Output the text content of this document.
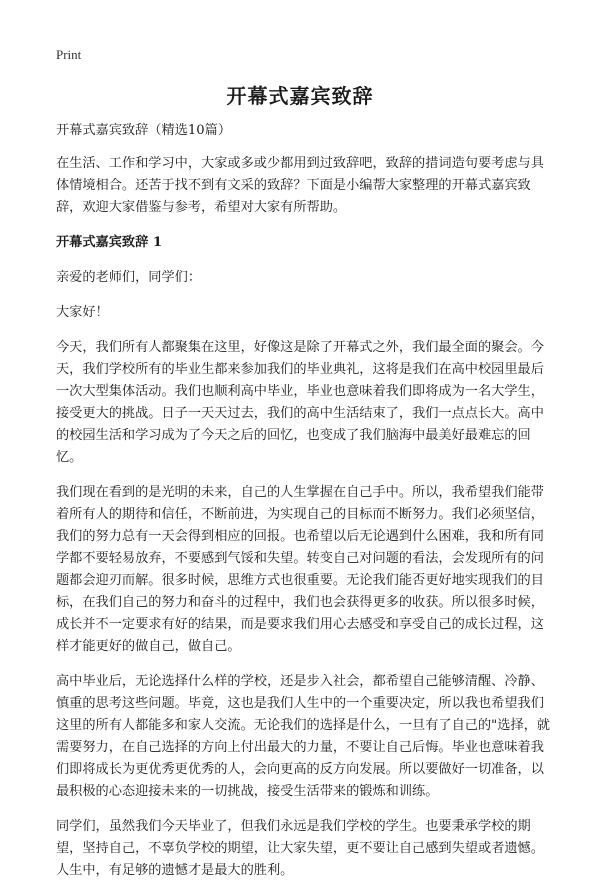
Print
开幕式嘉宾致辞

开幕式嘉宾致辞（精选10篇）

在生活、工作和学习中，大家或多或少都用到过致辞吧，致辞的措词造句要考虑与具体情境相合。还苦于找不到有文采的致辞？下面是小编帮大家整理的开幕式嘉宾致辞，欢迎大家借鉴与参考，希望对大家有所帮助。

开幕式嘉宾致辞 1

亲爱的老师们，同学们：

大家好！

今天，我们所有人都聚集在这里，好像这是除了开幕式之外，我们最全面的聚会。今天，我们学校所有的毕业生都来参加我们的毕业典礼，这将是我们在高中校园里最后一次大型集体活动。我们也顺利高中毕业，毕业也意味着我们即将成为一名大学生，接受更大的挑战。日子一天天过去，我们的高中生活结束了，我们一点点长大。高中的校园生活和学习成为了今天之后的回忆，也变成了我们脑海中最美好最难忘的回忆。

我们现在看到的是光明的未来，自己的人生掌握在自己手中。所以，我希望我们能带着所有人的期待和信任，不断前进，为实现自己的目标而不断努力。我们必须坚信，我们的努力总有一天会得到相应的回报。也希望以后无论遇到什么困难，我和所有同学都不要轻易放弃，不要感到气馁和失望。转变自己对问题的看法，会发现所有的问题都会迎刃而解。很多时候，思维方式也很重要。无论我们能否更好地实现我们的目标，在我们自己的努力和奋斗的过程中，我们也会获得更多的收获。所以很多时候，成长并不一定要求有好的结果，而是要求我们用心去感受和享受自己的成长过程，这样才能更好的做自己，做自己。

高中毕业后，无论选择什么样的学校，还是步入社会，都希望自己能够清醒、冷静、慎重的思考这些问题。毕竟，这也是我们人生中的一个重要决定，所以我也希望我们这里的所有人都能多和家人交流。无论我们的选择是什么，一旦有了自己的"选择，就需要努力，在自己选择的方向上付出最大的力量，不要让自己后悔。毕业也意味着我们即将成长为更优秀更优秀的人，会向更高的反方向发展。所以要做好一切准备，以最积极的心态迎接未来的一切挑战，接受生活带来的锻炼和训练。

同学们，虽然我们今天毕业了，但我们永远是我们学校的学生。也要秉承学校的期望，坚持自己，不辜负学校的期望，让大家失望，更不要让自己感到失望或者遗憾。人生中，有足够的遗憾才是最大的胜利。
